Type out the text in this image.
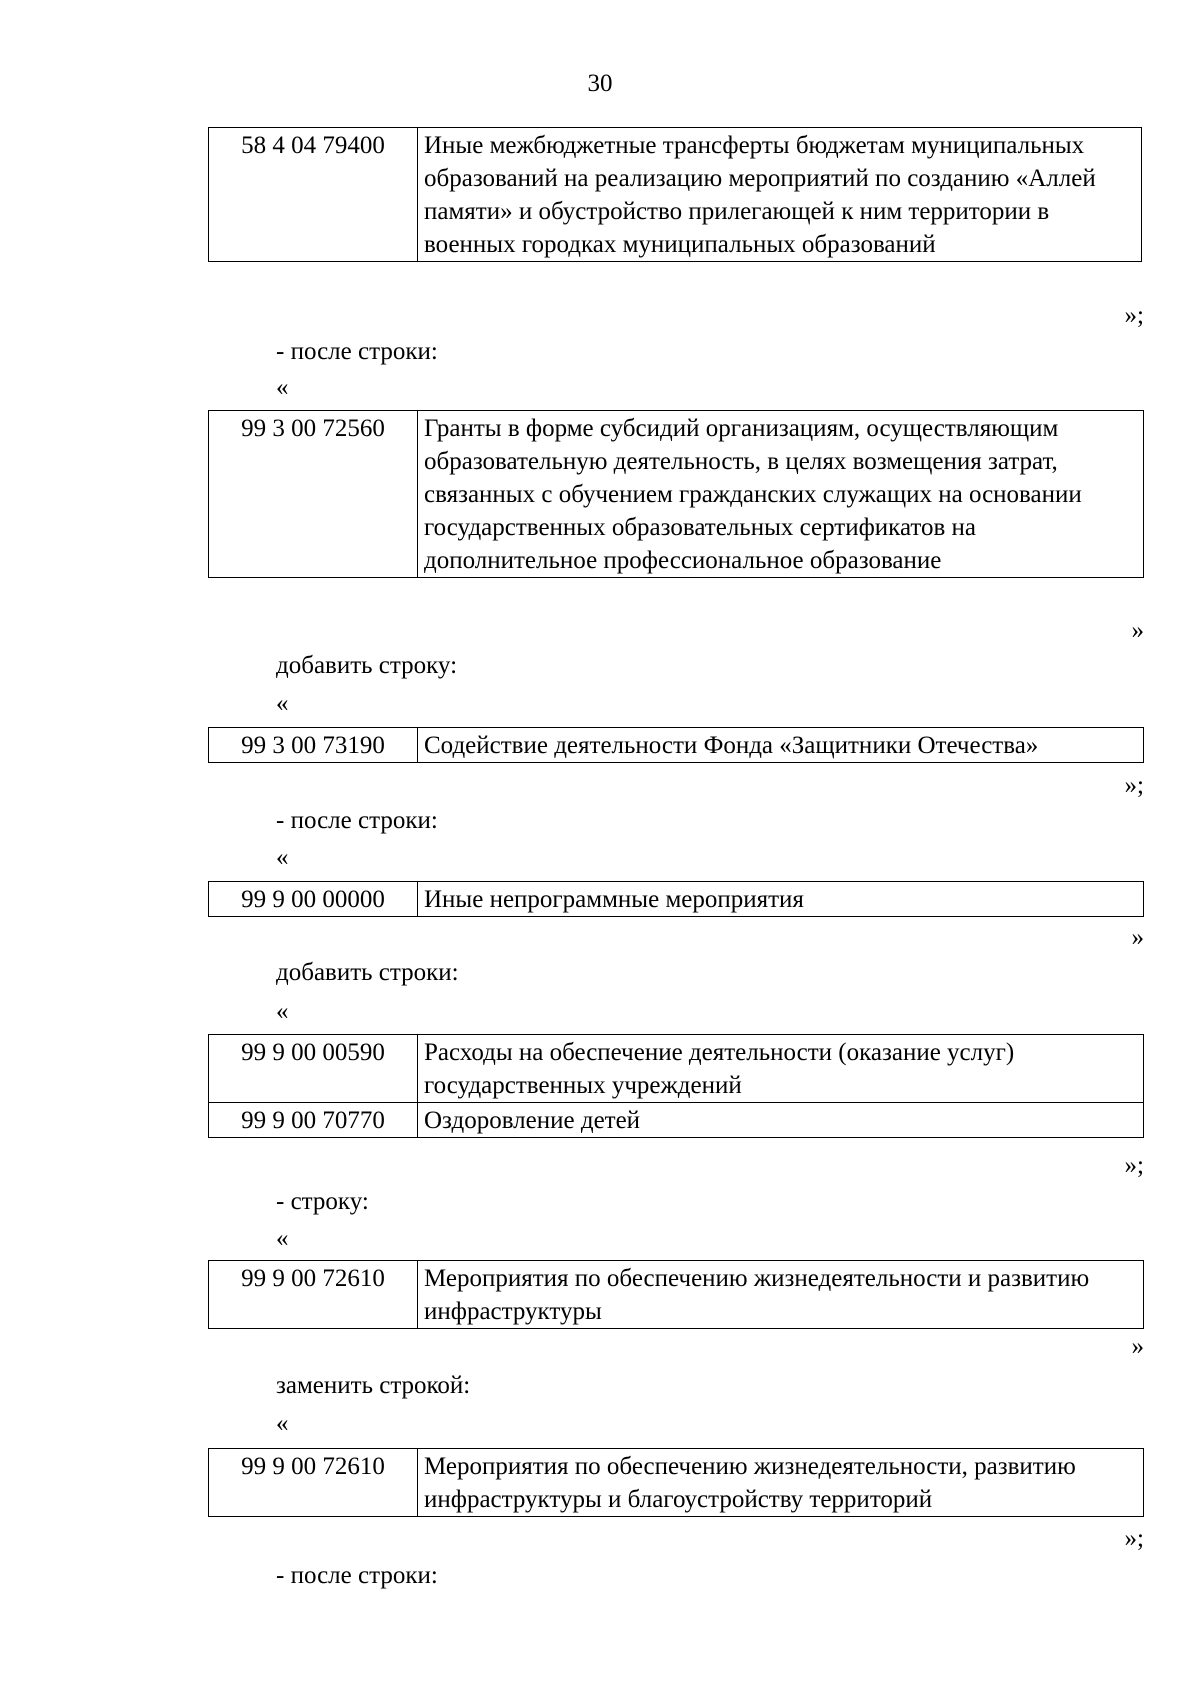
30
58 4 04 79400	Иные межбюджетные трансферты бюджетам муниципальных образований на реализацию мероприятий по созданию «Аллей памяти» и обустройство прилегающей к ним территории в военных городках муниципальных образований
»;
- после строки:
«
99 3 00 72560	Гранты в форме субсидий организациям, осуществляющим образовательную деятельность, в целях возмещения затрат, связанных с обучением гражданских служащих на основании государственных образовательных сертификатов на дополнительное профессиональное образование
»
добавить строку:
«
99 3 00 73190	Содействие деятельности Фонда «Защитники Отечества»
»;
- после строки:
«
99 9 00 00000	Иные непрограммные мероприятия
»
добавить строки:
«
99 9 00 00590	Расходы на обеспечение деятельности (оказание услуг) государственных учреждений
99 9 00 70770	Оздоровление детей
»;
- строку:
«
99 9 00 72610	Мероприятия по обеспечению жизнедеятельности и развитию инфраструктуры
»
заменить строкой:
«
99 9 00 72610	Мероприятия по обеспечению жизнедеятельности, развитию инфраструктуры и благоустройству территорий
»;
- после строки:
